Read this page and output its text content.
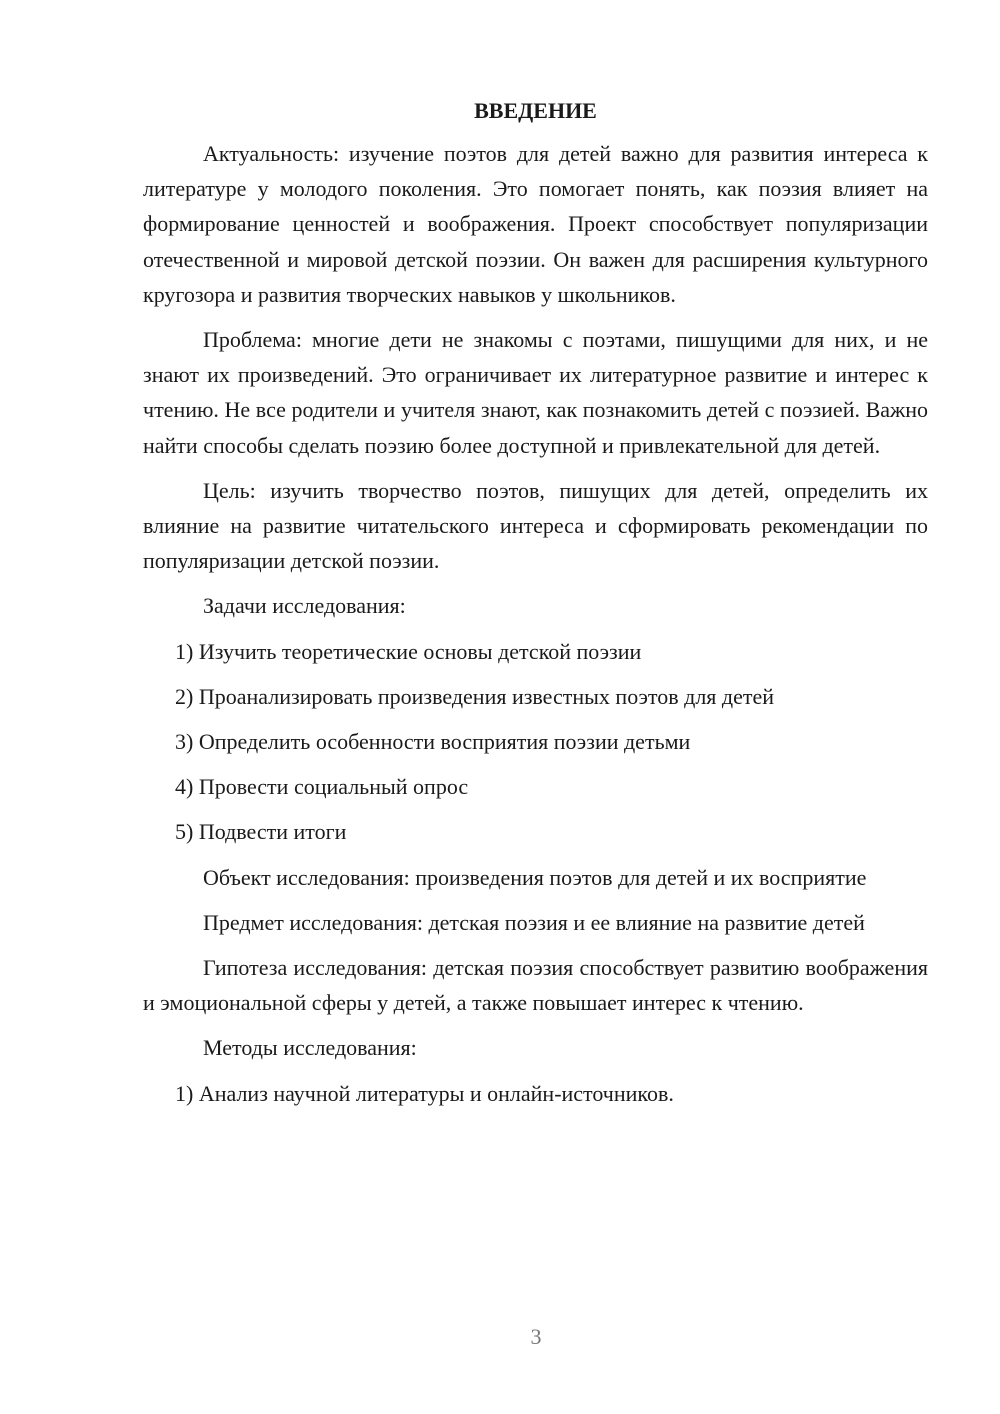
ВВЕДЕНИЕ

Актуальность: изучение поэтов для детей важно для развития интереса к литературе у молодого поколения. Это помогает понять, как поэзия влияет на формирование ценностей и воображения. Проект способствует популяризации отечественной и мировой детской поэзии. Он важен для расширения культурного кругозора и развития творческих навыков у школьников.

Проблема: многие дети не знакомы с поэтами, пишущими для них, и не знают их произведений. Это ограничивает их литературное развитие и интерес к чтению. Не все родители и учителя знают, как познакомить детей с поэзией. Важно найти способы сделать поэзию более доступной и привлекательной для детей.

Цель: изучить творчество поэтов, пишущих для детей, определить их влияние на развитие читательского интереса и сформировать рекомендации по популяризации детской поэзии.

Задачи исследования:
1) Изучить теоретические основы детской поэзии
2) Проанализировать произведения известных поэтов для детей
3) Определить особенности восприятия поэзии детьми
4) Провести социальный опрос
5) Подвести итоги

Объект исследования: произведения поэтов для детей и их восприятие

Предмет исследования: детская поэзия и ее влияние на развитие детей

Гипотеза исследования: детская поэзия способствует развитию воображения и эмоциональной сферы у детей, а также повышает интерес к чтению.

Методы исследования:
1) Анализ научной литературы и онлайн-источников.
3
